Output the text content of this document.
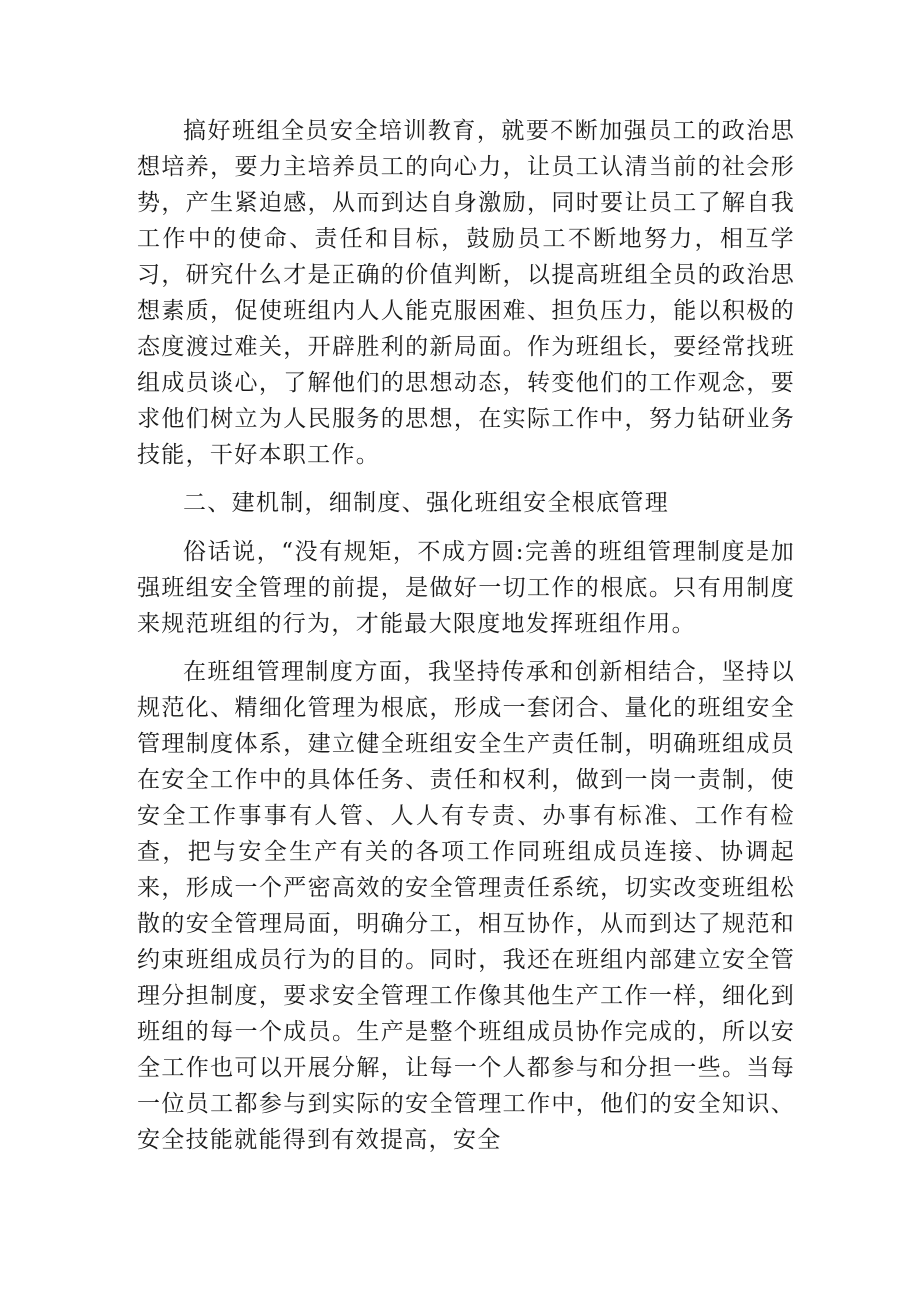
搞好班组全员安全培训教育，就要不断加强员工的政治思想培养，要力主培养员工的向心力，让员工认清当前的社会形势，产生紧迫感，从而到达自身激励，同时要让员工了解自我工作中的使命、责任和目标，鼓励员工不断地努力，相互学习，研究什么才是正确的价值判断，以提高班组全员的政治思想素质，促使班组内人人能克服困难、担负压力，能以积极的态度渡过难关，开辟胜利的新局面。作为班组长，要经常找班组成员谈心，了解他们的思想动态，转变他们的工作观念，要求他们树立为人民服务的思想，在实际工作中，努力钻研业务技能，干好本职工作。

二、建机制，细制度、强化班组安全根底管理

俗话说，“没有规矩，不成方圆:完善的班组管理制度是加强班组安全管理的前提，是做好一切工作的根底。只有用制度来规范班组的行为，才能最大限度地发挥班组作用。

在班组管理制度方面，我坚持传承和创新相结合，坚持以规范化、精细化管理为根底，形成一套闭合、量化的班组安全管理制度体系，建立健全班组安全生产责任制，明确班组成员在安全工作中的具体任务、责任和权利，做到一岗一责制，使安全工作事事有人管、人人有专责、办事有标准、工作有检查，把与安全生产有关的各项工作同班组成员连接、协调起来，形成一个严密高效的安全管理责任系统，切实改变班组松散的安全管理局面，明确分工，相互协作，从而到达了规范和约束班组成员行为的目的。同时，我还在班组内部建立安全管理分担制度，要求安全管理工作像其他生产工作一样，细化到班组的每一个成员。生产是整个班组成员协作完成的，所以安全工作也可以开展分解，让每一个人都参与和分担一些。当每一位员工都参与到实际的安全管理工作中，他们的安全知识、安全技能就能得到有效提高，安全
